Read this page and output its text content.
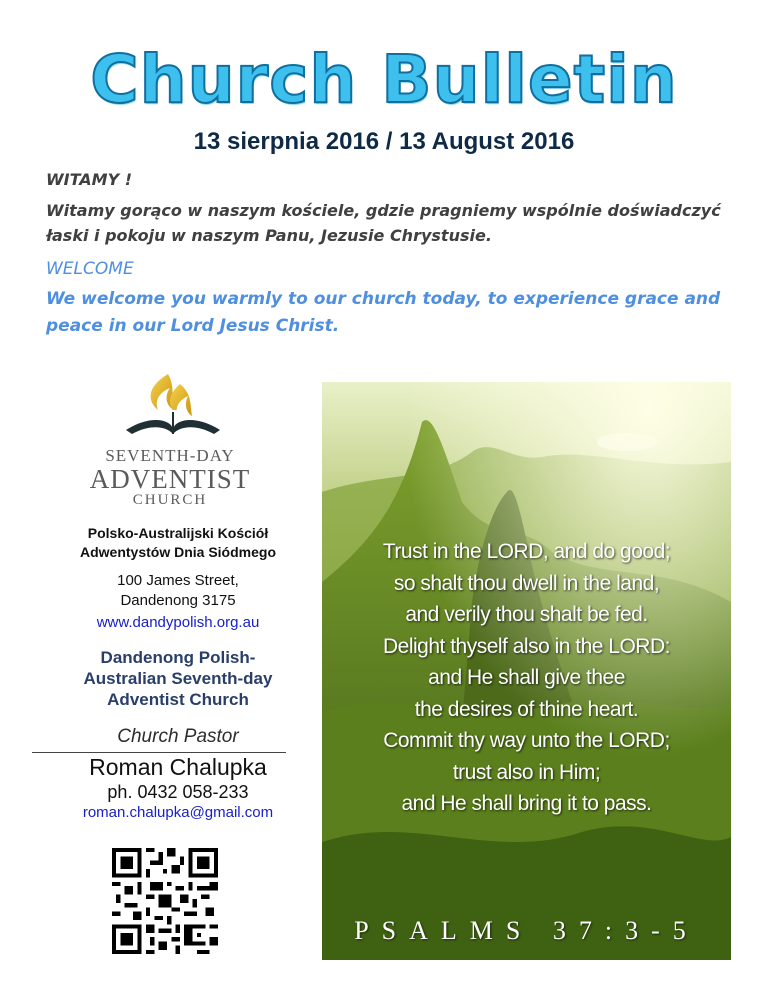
Church Bulletin
13 sierpnia 2016 / 13 August 2016
WITAMY !
Witamy gorąco w naszym kościele, gdzie pragniemy wspólnie doświadczyć łaski i pokoju w naszym Panu, Jezusie Chrystusie.
WELCOME
We welcome you warmly to our church today, to experience grace and peace in our Lord Jesus Christ.
SEVENTH-DAY
ADVENTIST
CHURCH
Polsko-Australijski Kościół
Adwentystów Dnia Siódmego
100 James Street,
Dandenong 3175
www.dandypolish.org.au
Dandenong Polish-
Australian Seventh-day
Adventist Church
Church Pastor
Roman Chalupka
ph. 0432 058-233
roman.chalupka@gmail.com
Trust in the LORD, and do good;
so shalt thou dwell in the land,
and verily thou shalt be fed.
Delight thyself also in the LORD:
and He shall give thee
the desires of thine heart.
Commit thy way unto the LORD;
trust also in Him;
and He shall bring it to pass.
PSALMS 37:3-5
